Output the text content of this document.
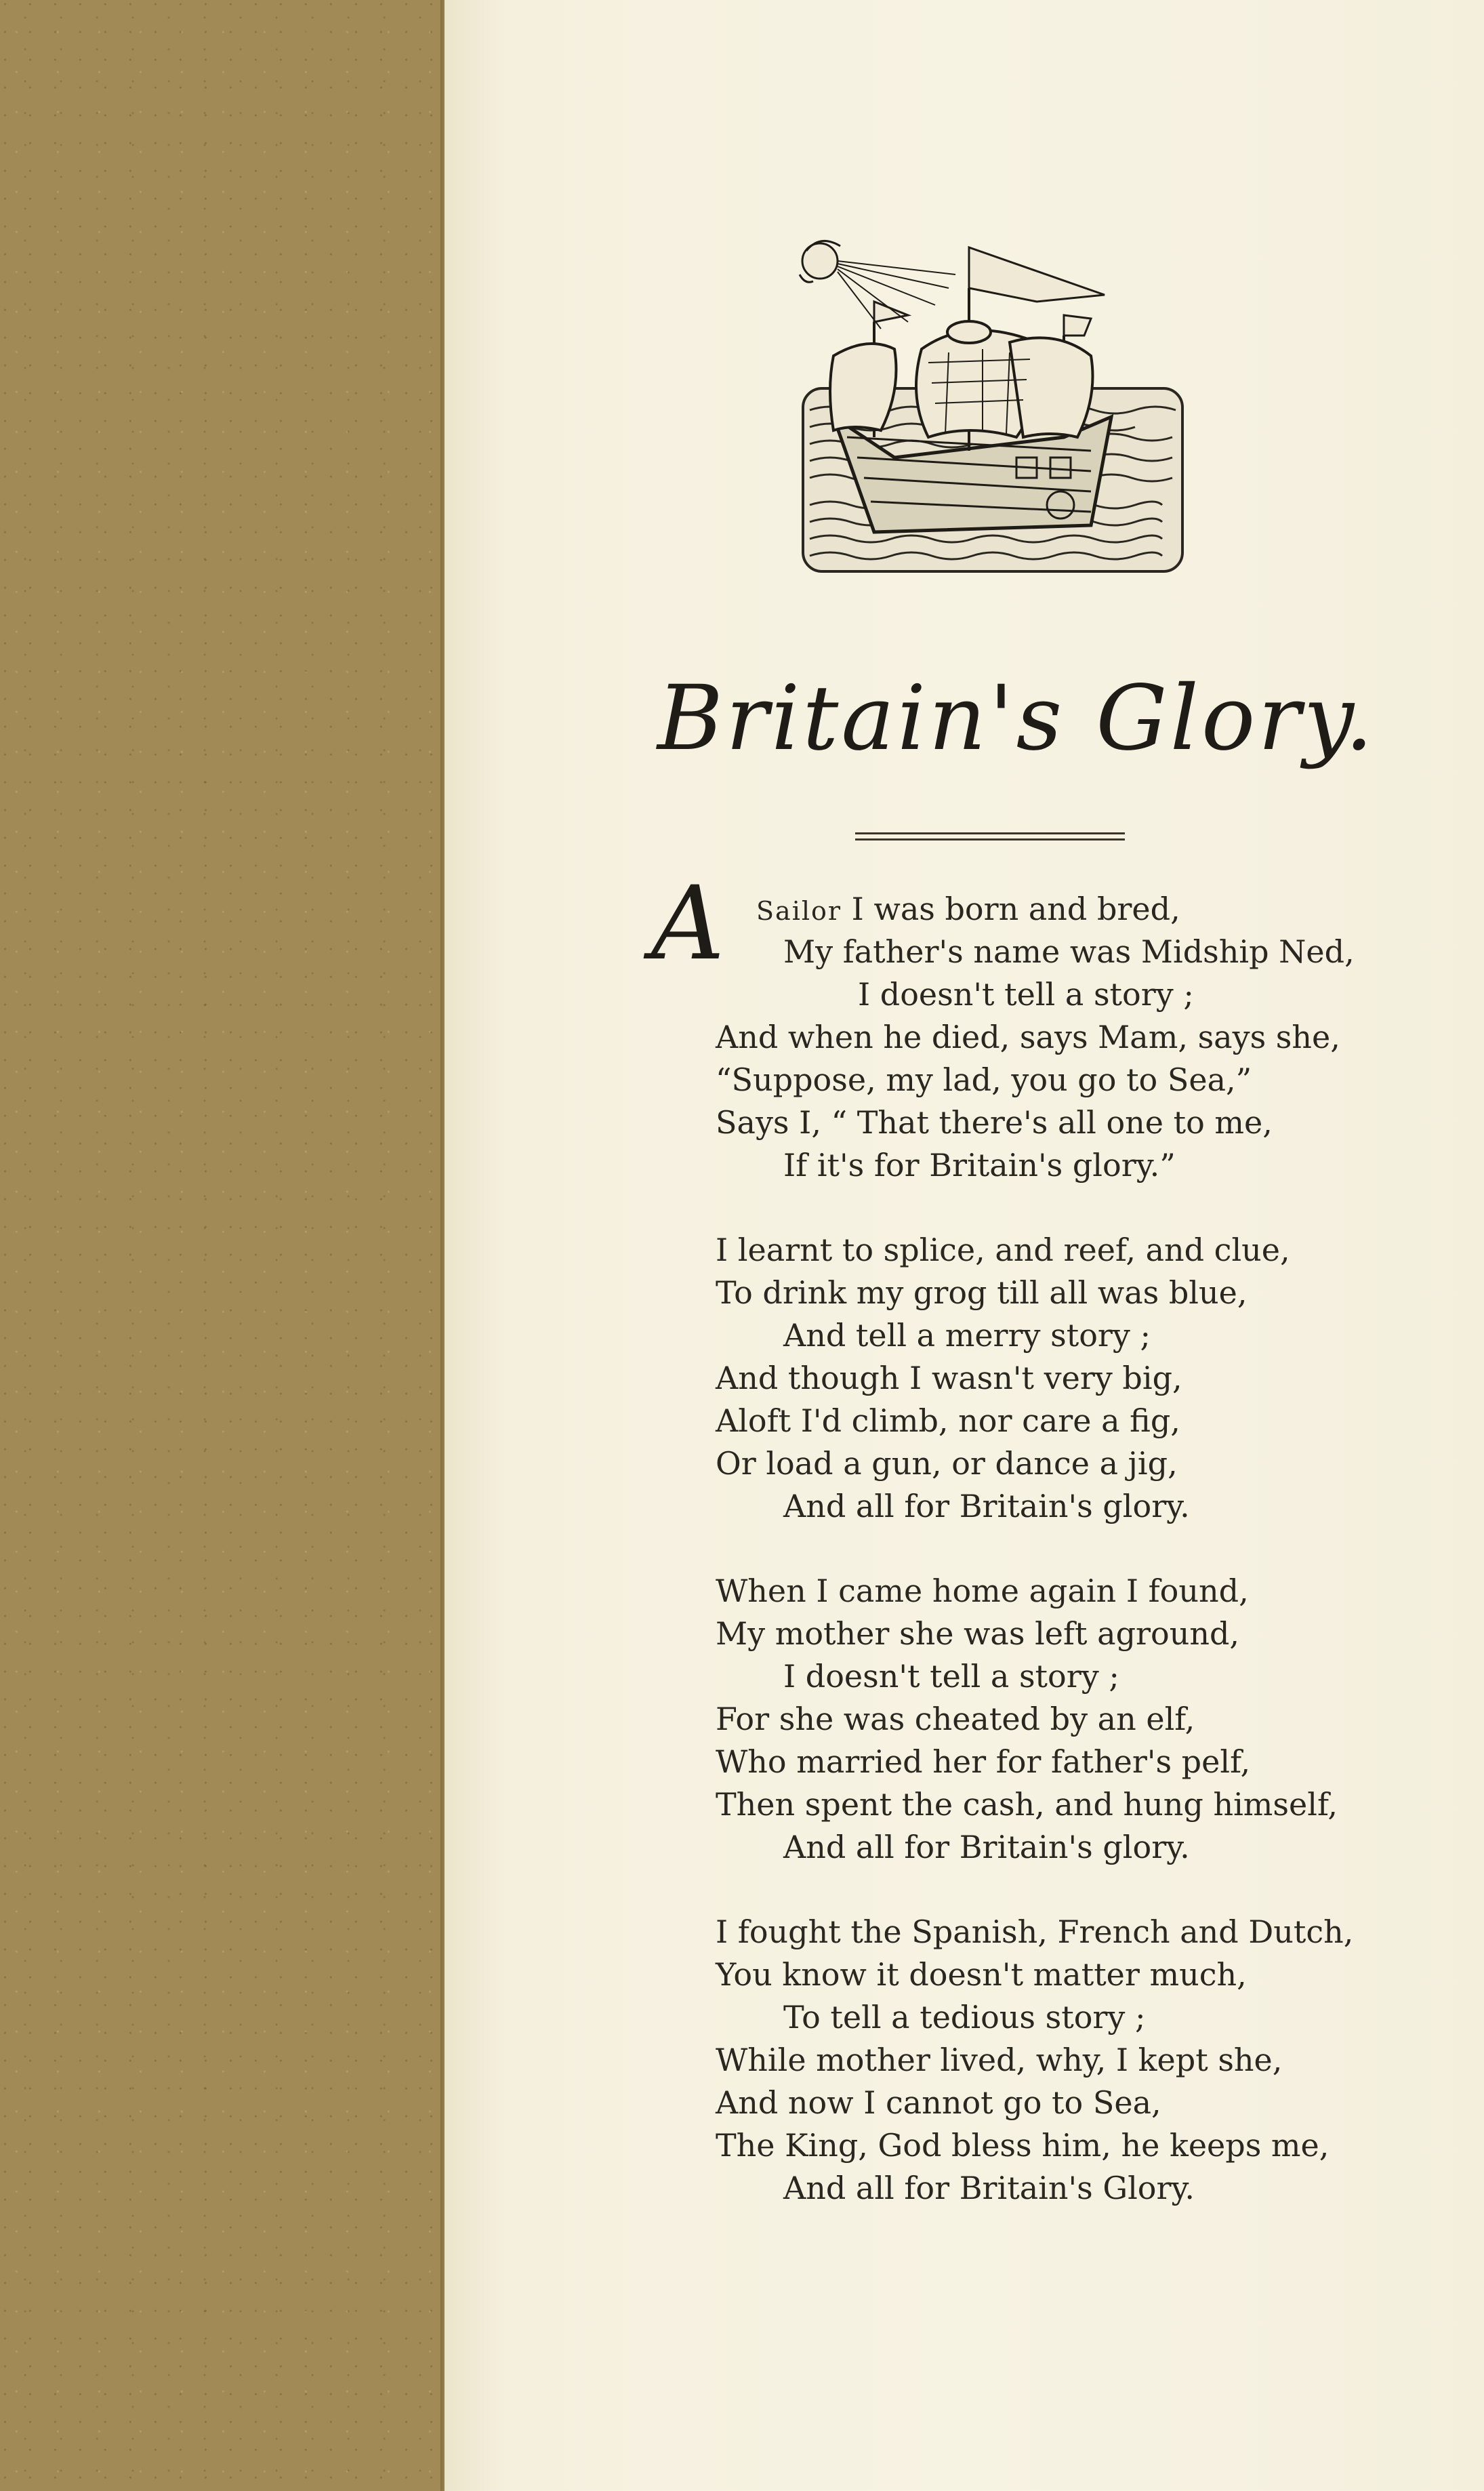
Britain's Glory.
A Sailor I was born and bred,
My father's name was Midship Ned,
I doesn't tell a story ;
And when he died, says Mam, says she,
“Suppose, my lad, you go to Sea,”
Says I, “ That there's all one to me,
If it's for Britain's glory.”
I learnt to splice, and reef, and clue,
To drink my grog till all was blue,
And tell a merry story ;
And though I wasn't very big,
Aloft I'd climb, nor care a fig,
Or load a gun, or dance a jig,
And all for Britain's glory.
When I came home again I found,
My mother she was left aground,
I doesn't tell a story ;
For she was cheated by an elf,
Who married her for father's pelf,
Then spent the cash, and hung himself,
And all for Britain's glory.
I fought the Spanish, French and Dutch,
You know it doesn't matter much,
To tell a tedious story ;
While mother lived, why, I kept she,
And now I cannot go to Sea,
The King, God bless him, he keeps me,
And all for Britain's Glory.
